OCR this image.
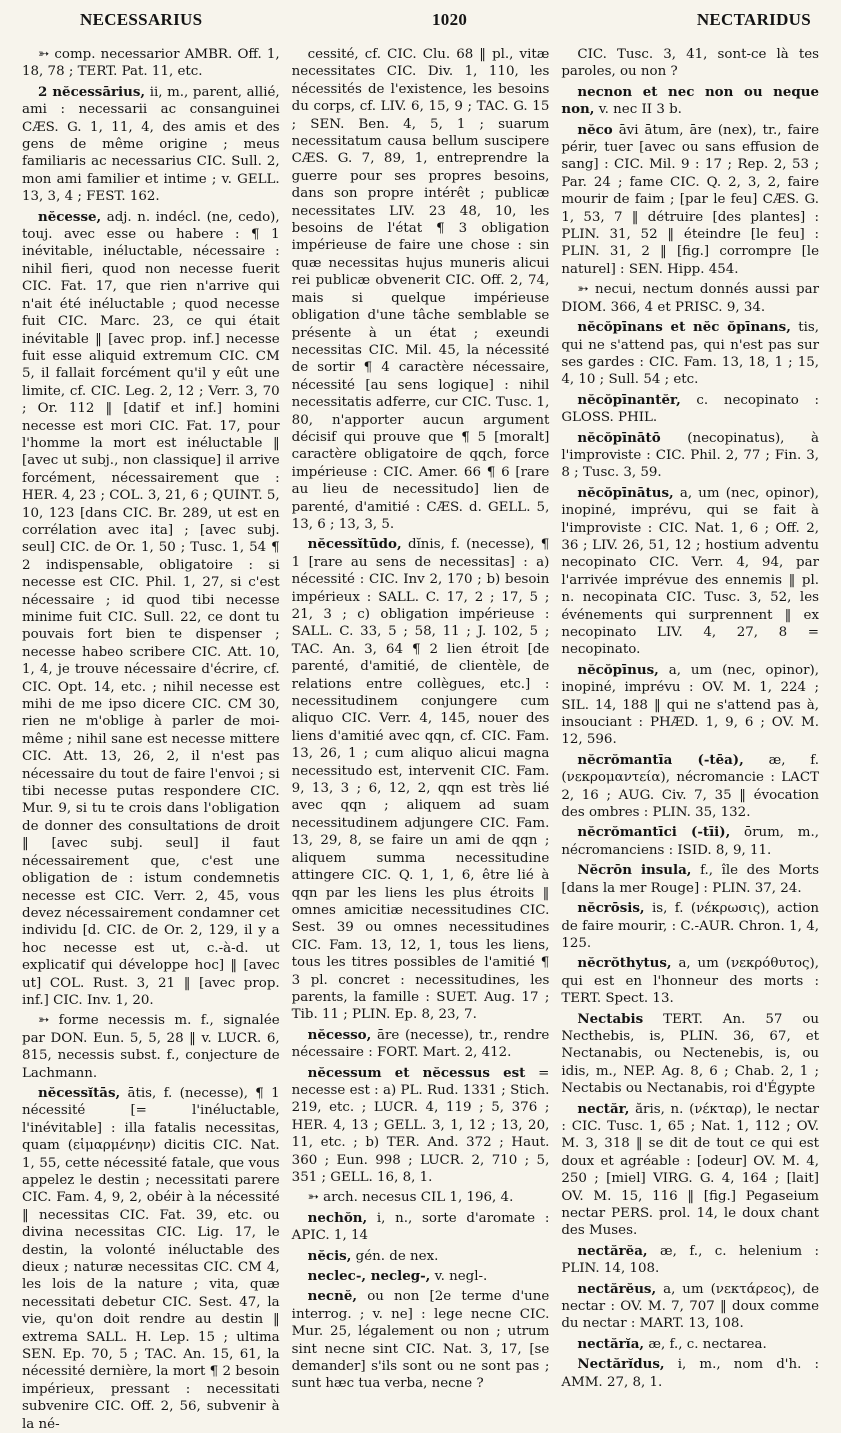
NECESSARIUS	1020	NECTARIDUS

➳ comp. necessarior AMBR. Off. 1, 18, 78 ; TERT. Pat. 11, etc.

2 nĕcessārius, ii, m., parent, allié, ami : necessarii ac consanguinei CÆS. G. 1, 11, 4, des amis et des gens de même origine ; meus familiaris ac necessarius CIC. Sull. 2, mon ami familier et intime ; v. GELL. 13, 3, 4 ; FEST. 162.

nĕcesse, adj. n. indécl. (ne, cedo), touj. avec esse ou habere : ¶ 1 inévitable, inéluctable, nécessaire : nihil fieri, quod non necesse fuerit CIC. Fat. 17, que rien n'arrive qui n'ait été inéluctable ; quod necesse fuit CIC. Marc. 23, ce qui était inévitable ‖ [avec prop. inf.] necesse fuit esse aliquid extremum CIC. CM 5, il fallait forcément qu'il y eût une limite, cf. CIC. Leg. 2, 12 ; Verr. 3, 70 ; Or. 112 ‖ [datif et inf.] homini necesse est mori CIC. Fat. 17, pour l'homme la mort est inéluctable ‖ [avec ut subj., non classique] il arrive forcément, nécessairement que : HER. 4, 23 ; COL. 3, 21, 6 ; QUINT. 5, 10, 123 [dans CIC. Br. 289, ut est en corrélation avec ita] ; [avec subj. seul] CIC. de Or. 1, 50 ; Tusc. 1, 54 ¶ 2 indispensable, obligatoire : si necesse est CIC. Phil. 1, 27, si c'est nécessaire ; id quod tibi necesse minime fuit CIC. Sull. 22, ce dont tu pouvais fort bien te dispenser ; necesse habeo scribere CIC. Att. 10, 1, 4, je trouve nécessaire d'écrire, cf. CIC. Opt. 14, etc. ; nihil necesse est mihi de me ipso dicere CIC. CM 30, rien ne m'oblige à parler de moi-même ; nihil sane est necesse mittere CIC. Att. 13, 26, 2, il n'est pas nécessaire du tout de faire l'envoi ; si tibi necesse putas respondere CIC. Mur. 9, si tu te crois dans l'obligation de donner des consultations de droit ‖ [avec subj. seul] il faut nécessairement que, c'est une obligation de : istum condemnetis necesse est CIC. Verr. 2, 45, vous devez nécessairement condamner cet individu [d. CIC. de Or. 2, 129, il y a hoc necesse est ut, c.-à-d. ut explicatif qui développe hoc] ‖ [avec ut] COL. Rust. 3, 21 ‖ [avec prop. inf.] CIC. Inv. 1, 20.

➳ forme necessis m. f., signalée par DON. Eun. 5, 5, 28 ‖ v. LUCR. 6, 815, necessis subst. f., conjecture de Lachmann.

nĕcessĭtās, ātis, f. (necesse), ¶ 1 nécessité [= l'inéluctable, l'inévitable] : illa fatalis necessitas, quam (εἱμαρμένην) dicitis CIC. Nat. 1, 55, cette nécessité fatale, que vous appelez le destin ; necessitati parere CIC. Fam. 4, 9, 2, obéir à la nécessité ‖ necessitas CIC. Fat. 39, etc. ou divina necessitas CIC. Lig. 17, le destin, la volonté inéluctable des dieux ; naturæ necessitas CIC. CM 4, les lois de la nature ; vita, quæ necessitati debetur CIC. Sest. 47, la vie, qu'on doit rendre au destin ‖ extrema SALL. H. Lep. 15 ; ultima SEN. Ep. 70, 5 ; TAC. An. 15, 61, la nécessité dernière, la mort ¶ 2 besoin impérieux, pressant : necessitati subvenire CIC. Off. 2, 56, subvenir à la né-

cessité, cf. CIC. Clu. 68 ‖ pl., vitæ necessitates CIC. Div. 1, 110, les nécessités de l'existence, les besoins du corps, cf. LIV. 6, 15, 9 ; TAC. G. 15 ; SEN. Ben. 4, 5, 1 ; suarum necessitatum causa bellum suscipere CÆS. G. 7, 89, 1, entreprendre la guerre pour ses propres besoins, dans son propre intérêt ; publicæ necessitates LIV. 23 48, 10, les besoins de l'état ¶ 3 obligation impérieuse de faire une chose : sin quæ necessitas hujus muneris alicui rei publicæ obvenerit CIC. Off. 2, 74, mais si quelque impérieuse obligation d'une tâche semblable se présente à un état ; exeundi necessitas CIC. Mil. 45, la nécessité de sortir ¶ 4 caractère nécessaire, nécessité [au sens logique] : nihil necessitatis adferre, cur CIC. Tusc. 1, 80, n'apporter aucun argument décisif qui prouve que ¶ 5 [moralt] caractère obligatoire de qqch, force impérieuse : CIC. Amer. 66 ¶ 6 [rare au lieu de necessitudo] lien de parenté, d'amitié : CÆS. d. GELL. 5, 13, 6 ; 13, 3, 5.

nĕcessĭtūdo, dĭnis, f. (necesse), ¶ 1 [rare au sens de necessitas] : a) nécessité : CIC. Inv 2, 170 ; b) besoin impérieux : SALL. C. 17, 2 ; 17, 5 ; 21, 3 ; c) obligation impérieuse : SALL. C. 33, 5 ; 58, 11 ; J. 102, 5 ; TAC. An. 3, 64 ¶ 2 lien étroit [de parenté, d'amitié, de clientèle, de relations entre collègues, etc.] : necessitudinem conjungere cum aliquo CIC. Verr. 4, 145, nouer des liens d'amitié avec qqn, cf. CIC. Fam. 13, 26, 1 ; cum aliquo alicui magna necessitudo est, intervenit CIC. Fam. 9, 13, 3 ; 6, 12, 2, qqn est très lié avec qqn ; aliquem ad suam necessitudinem adjungere CIC. Fam. 13, 29, 8, se faire un ami de qqn ; aliquem summa necessitudine attingere CIC. Q. 1, 1, 6, être lié à qqn par les liens les plus étroits ‖ omnes amicitiæ necessitudines CIC. Sest. 39 ou omnes necessitudines CIC. Fam. 13, 12, 1, tous les liens, tous les titres possibles de l'amitié ¶ 3 pl. concret : necessitudines, les parents, la famille : SUET. Aug. 17 ; Tib. 11 ; PLIN. Ep. 8, 23, 7.

nĕcesso, āre (necesse), tr., rendre nécessaire : FORT. Mart. 2, 412.

nĕcessum et nĕcessus est = necesse est : a) PL. Rud. 1331 ; Stich. 219, etc. ; LUCR. 4, 119 ; 5, 376 ; HER. 4, 13 ; GELL. 3, 1, 12 ; 13, 20, 11, etc. ; b) TER. And. 372 ; Haut. 360 ; Eun. 998 ; LUCR. 2, 710 ; 5, 351 ; GELL. 16, 8, 1.

➳ arch. necesus CIL 1, 196, 4.

nechŏn, i, n., sorte d'aromate : APIC. 1, 14

nĕcis, gén. de nex.

neclec-, necleg-, v. negl-.

necnĕ, ou non [2e terme d'une interrog. ; v. ne] : lege necne CIC. Mur. 25, légalement ou non ; utrum sint necne sint CIC. Nat. 3, 17, [se demander] s'ils sont ou ne sont pas ; sunt hæc tua verba, necne ?

CIC. Tusc. 3, 41, sont-ce là tes paroles, ou non ?

necnon et nec non ou neque non, v. nec II 3 b.

nĕco āvi ātum, āre (nex), tr., faire périr, tuer [avec ou sans effusion de sang] : CIC. Mil. 9 : 17 ; Rep. 2, 53 ; Par. 24 ; fame CIC. Q. 2, 3, 2, faire mourir de faim ; [par le feu] CÆS. G. 1, 53, 7 ‖ détruire [des plantes] : PLIN. 31, 52 ‖ éteindre [le feu] : PLIN. 31, 2 ‖ [fig.] corrompre [le naturel] : SEN. Hipp. 454.

➳ necui, nectum donnés aussi par DIOM. 366, 4 et PRISC. 9, 34.

nĕcŏpīnans et nĕc ŏpīnans, tis, qui ne s'attend pas, qui n'est pas sur ses gardes : CIC. Fam. 13, 18, 1 ; 15, 4, 10 ; Sull. 54 ; etc.

nĕcŏpīnantĕr, c. necopinato : GLOSS. PHIL.

nĕcŏpīnātō (necopinatus), à l'improviste : CIC. Phil. 2, 77 ; Fin. 3, 8 ; Tusc. 3, 59.

nĕcŏpīnātus, a, um (nec, opinor), inopiné, imprévu, qui se fait à l'improviste : CIC. Nat. 1, 6 ; Off. 2, 36 ; LIV. 26, 51, 12 ; hostium adventu necopinato CIC. Verr. 4, 94, par l'arrivée imprévue des ennemis ‖ pl. n. necopinata CIC. Tusc. 3, 52, les événements qui surprennent ‖ ex necopinato LIV. 4, 27, 8 = necopinato.

nĕcŏpīnus, a, um (nec, opinor), inopiné, imprévu : OV. M. 1, 224 ; SIL. 14, 188 ‖ qui ne s'attend pas à, insouciant : PHÆD. 1, 9, 6 ; OV. M. 12, 596.

nĕcrŏmantīa (-tēa), æ, f. (νεκρομαντεία), nécromancie : LACT 2, 16 ; AUG. Civ. 7, 35 ‖ évocation des ombres : PLIN. 35, 132.

nĕcrŏmantīci (-tīi), ōrum, m., nécromanciens : ISID. 8, 9, 11.

Nĕcrōn insula, f., île des Morts [dans la mer Rouge] : PLIN. 37, 24.

nĕcrōsis, is, f. (νέκρωσις), action de faire mourir, : C.-AUR. Chron. 1, 4, 125.

nĕcrŏthytus, a, um (νεκρόθυτος), qui est en l'honneur des morts : TERT. Spect. 13.

Nectabis TERT. An. 57 ou Necthebis, is, PLIN. 36, 67, et Nectanabis, ou Nectenebis, is, ou idis, m., NEP. Ag. 8, 6 ; Chab. 2, 1 ; Nectabis ou Nectanabis, roi d'Égypte

nectăr, ăris, n. (νέκταρ), le nectar : CIC. Tusc. 1, 65 ; Nat. 1, 112 ; OV. M. 3, 318 ‖ se dit de tout ce qui est doux et agréable : [odeur] OV. M. 4, 250 ; [miel] VIRG. G. 4, 164 ; [lait] OV. M. 15, 116 ‖ [fig.] Pegaseium nectar PERS. prol. 14, le doux chant des Muses.

nectărĕa, æ, f., c. helenium : PLIN. 14, 108.

nectărĕus, a, um (νεκτάρεος), de nectar : OV. M. 7, 707 ‖ doux comme du nectar : MART. 13, 108.

nectărĭa, æ, f., c. nectarea.

Nectărĭdus, i, m., nom d'h. : AMM. 27, 8, 1.
